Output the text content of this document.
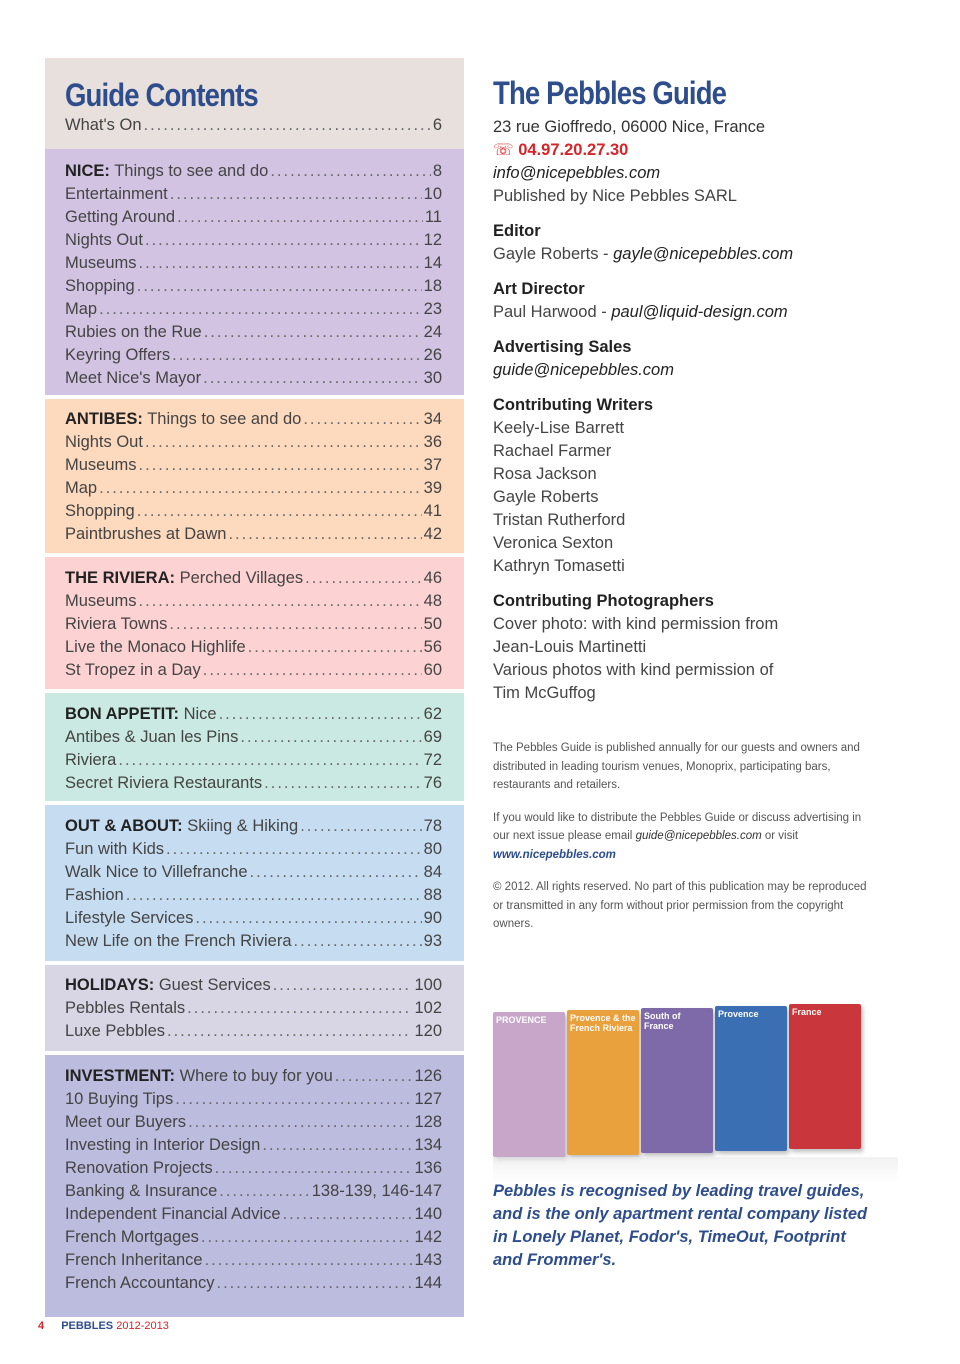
Guide Contents
What's On .....	6
NICE: Things to see and do .....	8
Entertainment .....	10
Getting Around .....	11
Nights Out .....	12
Museums .....	14
Shopping .....	18
Map .....	23
Rubies on the Rue .....	24
Keyring Offers .....	26
Meet Nice's Mayor .....	30
ANTIBES: Things to see and do .....	34
Nights Out .....	36
Museums .....	37
Map .....	39
Shopping .....	41
Paintbrushes at Dawn .....	42
THE RIVIERA: Perched Villages .....	46
Museums .....	48
Riviera Towns .....	50
Live the Monaco Highlife .....	56
St Tropez in a Day .....	60
BON APPETIT: Nice .....	62
Antibes & Juan les Pins .....	69
Riviera .....	72
Secret Riviera Restaurants .....	76
OUT & ABOUT: Skiing & Hiking .....	78
Fun with Kids .....	80
Walk Nice to Villefranche .....	84
Fashion .....	88
Lifestyle Services .....	90
New Life on the French Riviera .....	93
HOLIDAYS: Guest Services .....	100
Pebbles Rentals .....	102
Luxe Pebbles .....	120
INVESTMENT: Where to buy for you .....	126
10 Buying Tips .....	127
Meet our Buyers .....	128
Investing in Interior Design .....	134
Renovation Projects .....	136
Banking & Insurance .....	138-139, 146-147
Independent Financial Advice .....	140
French Mortgages .....	142
French Inheritance .....	143
French Accountancy .....	144
The Pebbles Guide
23 rue Gioffredo, 06000 Nice, France
☏ 04.97.20.27.30
info@nicepebbles.com
Published by Nice Pebbles SARL
Editor
Gayle Roberts - gayle@nicepebbles.com
Art Director
Paul Harwood - paul@liquid-design.com
Advertising Sales
guide@nicepebbles.com
Contributing Writers
Keely-Lise Barrett
Rachael Farmer
Rosa Jackson
Gayle Roberts
Tristan Rutherford
Veronica Sexton
Kathryn Tomasetti
Contributing Photographers
Cover photo: with kind permission from
Jean-Louis Martinetti
Various photos with kind permission of
Tim McGuffog
The Pebbles Guide is published annually for our guests and owners and distributed in leading tourism venues, Monoprix, participating bars, restaurants and retailers.
If you would like to distribute the Pebbles Guide or discuss advertising in our next issue please email guide@nicepebbles.com or visit www.nicepebbles.com
© 2012. All rights reserved. No part of this publication may be reproduced or transmitted in any form without prior permission from the copyright owners.
PROVENCE	Provence & the French Riviera
South of France
Provence	France
Pebbles is recognised by leading travel guides, and is the only apartment rental company listed in Lonely Planet, Fodor's, TimeOut, Footprint and Frommer's.
4 PEBBLES 2012-2013
